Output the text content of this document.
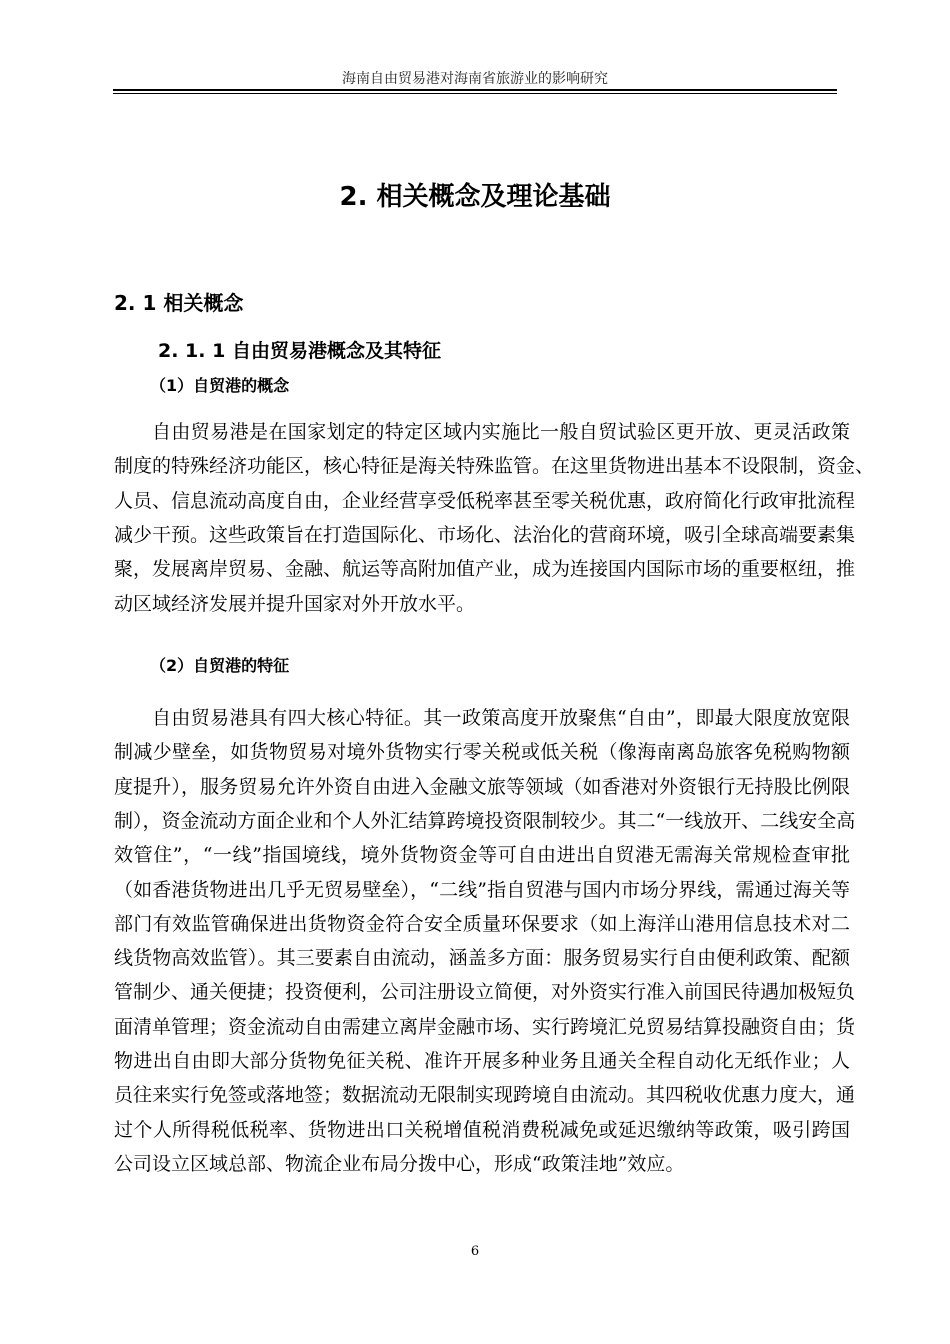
海南自由贸易港对海南省旅游业的影响研究
2. 相关概念及理论基础
2. 1 相关概念
2. 1. 1 自由贸易港概念及其特征
（1）自贸港的概念
自由贸易港是在国家划定的特定区域内实施比一般自贸试验区更开放、更灵活政策
制度的特殊经济功能区，核心特征是海关特殊监管。在这里货物进出基本不设限制，资金、
人员、信息流动高度自由，企业经营享受低税率甚至零关税优惠，政府简化行政审批流程
减少干预。这些政策旨在打造国际化、市场化、法治化的营商环境，吸引全球高端要素集
聚，发展离岸贸易、金融、航运等高附加值产业，成为连接国内国际市场的重要枢纽，推
动区域经济发展并提升国家对外开放水平。
（2）自贸港的特征
自由贸易港具有四大核心特征。其一政策高度开放聚焦“自由”，即最大限度放宽限
制减少壁垒，如货物贸易对境外货物实行零关税或低关税（像海南离岛旅客免税购物额
度提升），服务贸易允许外资自由进入金融文旅等领域（如香港对外资银行无持股比例限
制），资金流动方面企业和个人外汇结算跨境投资限制较少。其二“一线放开、二线安全高
效管住”，“一线”指国境线，境外货物资金等可自由进出自贸港无需海关常规检查审批
（如香港货物进出几乎无贸易壁垒），“二线”指自贸港与国内市场分界线，需通过海关等
部门有效监管确保进出货物资金符合安全质量环保要求（如上海洋山港用信息技术对二
线货物高效监管）。其三要素自由流动，涵盖多方面：服务贸易实行自由便利政策、配额
管制少、通关便捷；投资便利，公司注册设立简便，对外资实行准入前国民待遇加极短负
面清单管理；资金流动自由需建立离岸金融市场、实行跨境汇兑贸易结算投融资自由；货
物进出自由即大部分货物免征关税、准许开展多种业务且通关全程自动化无纸作业；人
员往来实行免签或落地签；数据流动无限制实现跨境自由流动。其四税收优惠力度大，通
过个人所得税低税率、货物进出口关税增值税消费税减免或延迟缴纳等政策，吸引跨国
公司设立区域总部、物流企业布局分拨中心，形成“政策洼地”效应。
6
